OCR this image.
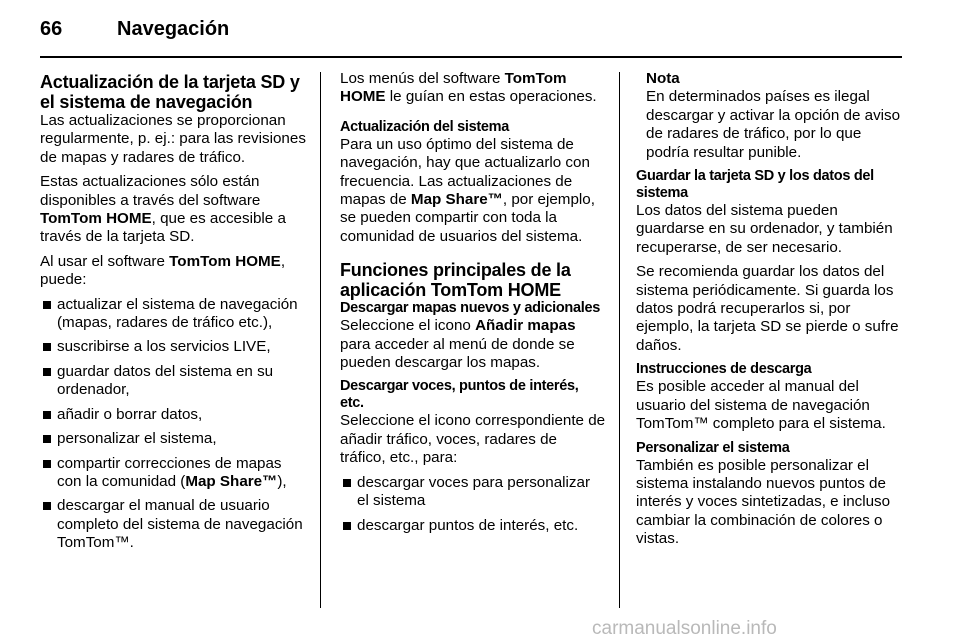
66	Navegación
Actualización de la tarjeta SD y el sistema de navegación

Las actualizaciones se proporcionan regularmente, p. ej.: para las revisiones de mapas y radares de tráfico.

Estas actualizaciones sólo están disponibles a través del software TomTom HOME, que es accesible a través de la tarjeta SD.

Al usar el software TomTom HOME, puede:

actualizar el sistema de navegación (mapas, radares de tráfico etc.),
suscribirse a los servicios LIVE,
guardar datos del sistema en su ordenador,
añadir o borrar datos,
personalizar el sistema,
compartir correcciones de mapas con la comunidad (Map Share™),
descargar el manual de usuario completo del sistema de navegación TomTom™.

Los menús del software TomTom HOME le guían en estas operaciones.

Actualización del sistema

Para un uso óptimo del sistema de navegación, hay que actualizarlo con frecuencia. Las actualizaciones de mapas de Map Share™, por ejemplo, se pueden compartir con toda la comunidad de usuarios del sistema.

Funciones principales de la aplicación TomTom HOME
Descargar mapas nuevos y adicionales

Seleccione el icono Añadir mapas para acceder al menú de donde se pueden descargar los mapas.

Descargar voces, puntos de interés, etc.

Seleccione el icono correspondiente de añadir tráfico, voces, radares de tráfico, etc., para:

descargar voces para personalizar el sistema
descargar puntos de interés, etc.
Nota
En determinados países es ilegal descargar y activar la opción de aviso de radares de tráfico, por lo que podría resultar punible.
Guardar la tarjeta SD y los datos del sistema

Los datos del sistema pueden guardarse en su ordenador, y también recuperarse, de ser necesario.

Se recomienda guardar los datos del sistema periódicamente. Si guarda los datos podrá recuperarlos si, por ejemplo, la tarjeta SD se pierde o sufre daños.

Instrucciones de descarga

Es posible acceder al manual del usuario del sistema de navegación TomTom™ completo para el sistema.

Personalizar el sistema

También es posible personalizar el sistema instalando nuevos puntos de interés y voces sintetizadas, e incluso cambiar la combinación de colores o vistas.

carmanualsonline.info
